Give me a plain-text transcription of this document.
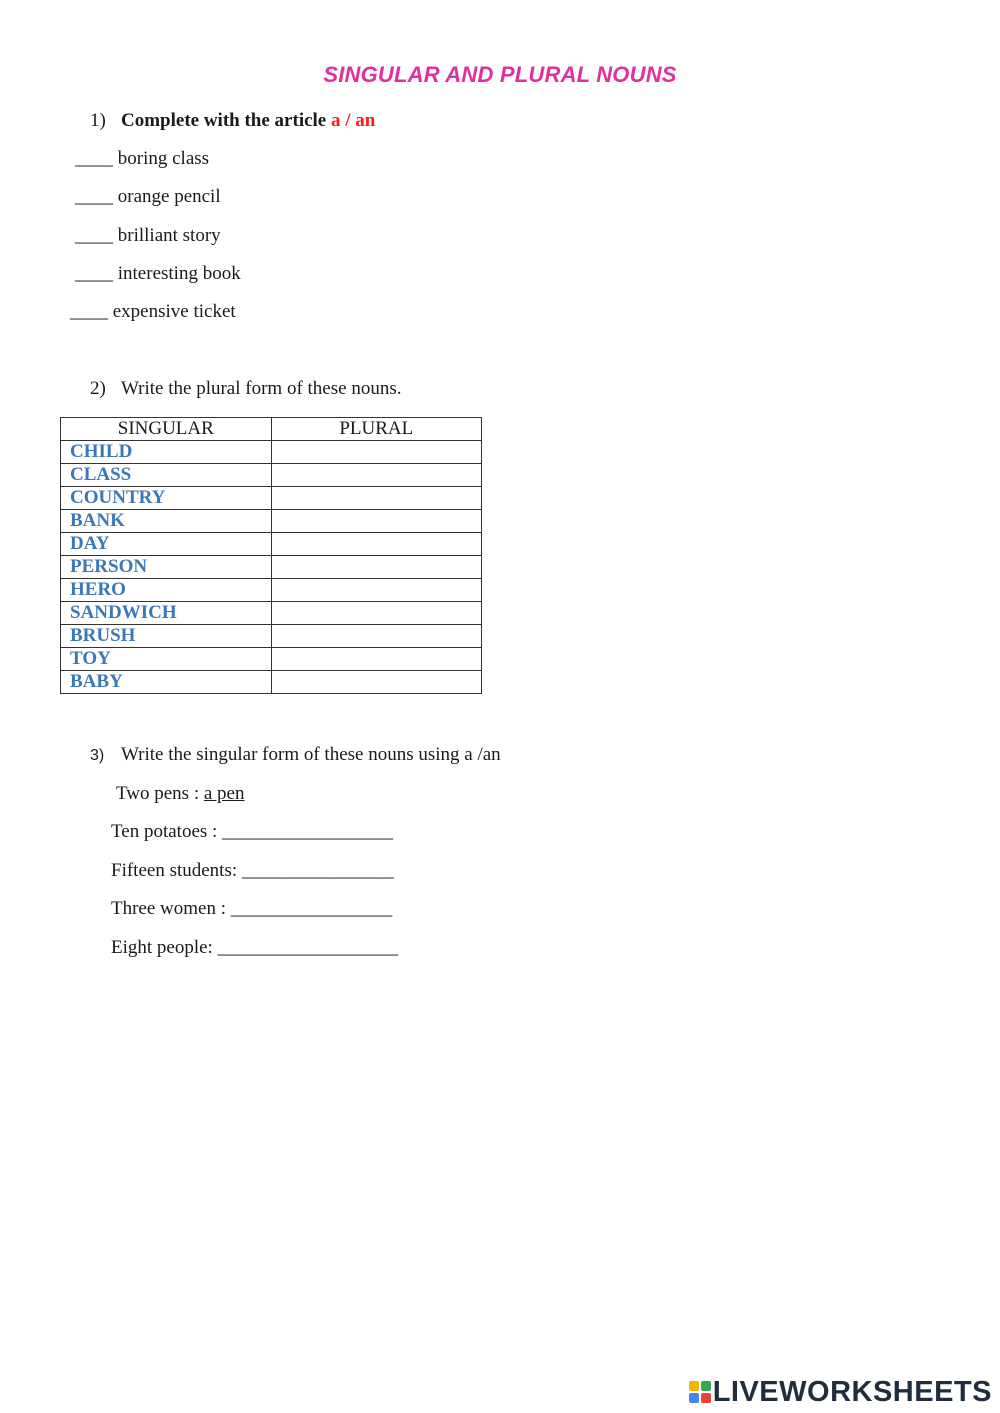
SINGULAR AND PLURAL NOUNS
1) Complete with the article a / an
____ boring class
____ orange pencil
____ brilliant story
____ interesting book
____ expensive ticket
2) Write the plural form of these nouns.
SINGULAR	PLURAL
CHILD	
CLASS	
COUNTRY	
BANK	
DAY	
PERSON	
HERO	
SANDWICH	
BRUSH	
TOY	
BABY	
3) Write the singular form of these nouns using a /an
Two pens : a pen
Ten potatoes : __________________
Fifteen students: ________________
Three women : _________________
Eight people: ___________________
LIVEWORKSHEETS
